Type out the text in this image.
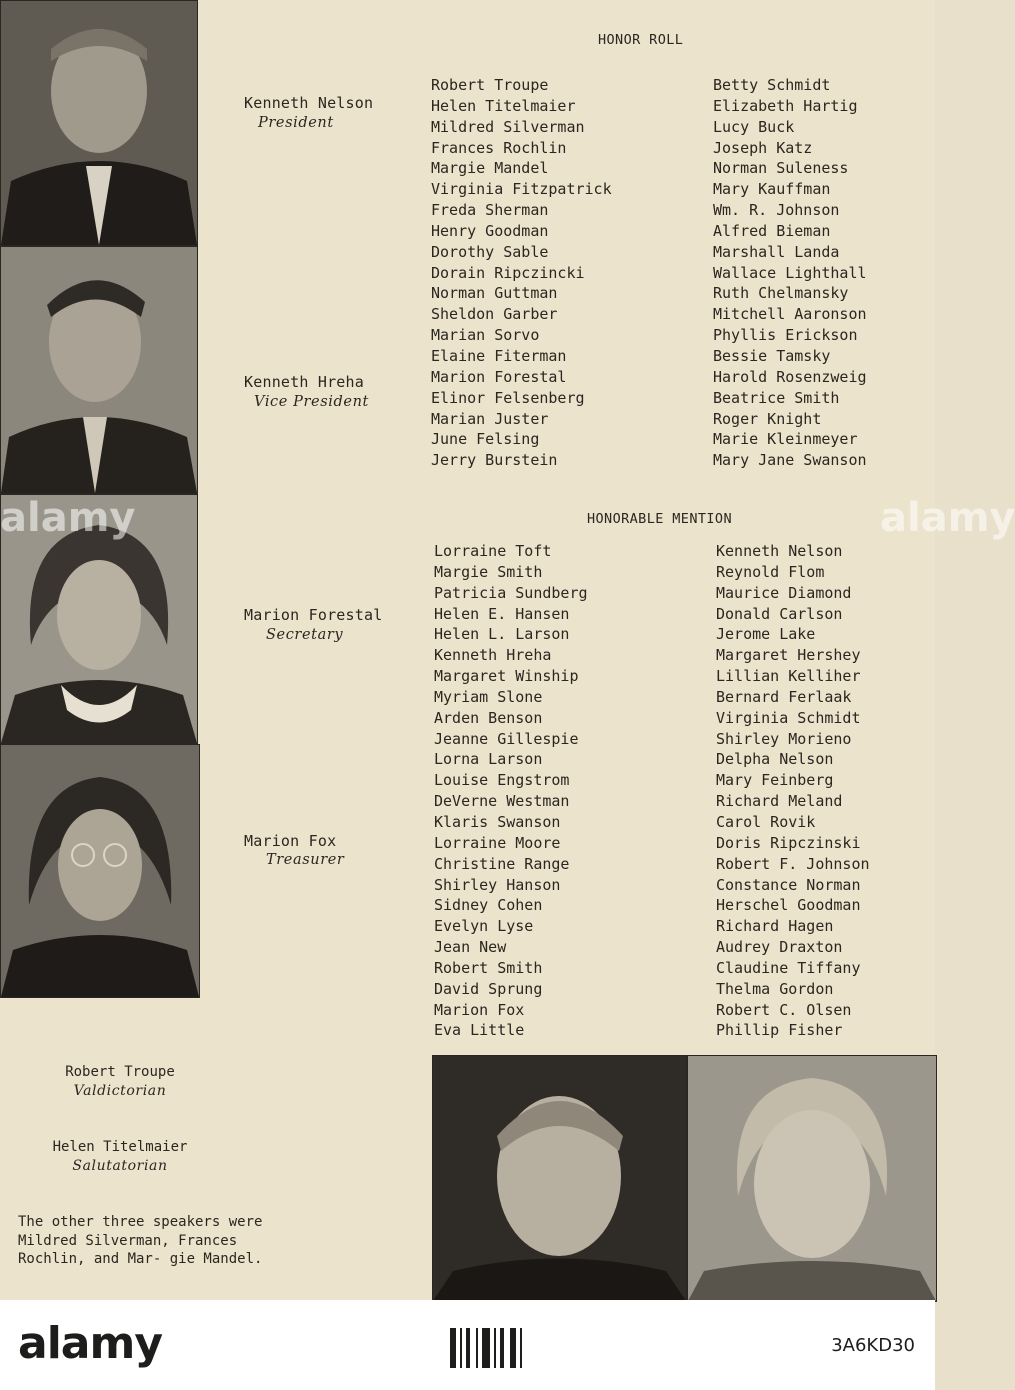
Kenneth Nelson
President
Kenneth Hreha
Vice President
Marion Forestal
Secretary
Marion Fox
Treasurer
HONOR ROLL
Robert Troupe
Helen Titelmaier
Mildred Silverman
Frances Rochlin
Margie Mandel
Virginia Fitzpatrick
Freda Sherman
Henry Goodman
Dorothy Sable
Dorain Ripczincki
Norman Guttman
Sheldon Garber
Marian Sorvo
Elaine Fiterman
Marion Forestal
Elinor Felsenberg
Marian Juster
June Felsing
Jerry Burstein
Betty Schmidt
Elizabeth Hartig
Lucy Buck
Joseph Katz
Norman Suleness
Mary Kauffman
Wm. R. Johnson
Alfred Bieman
Marshall Landa
Wallace Lighthall
Ruth Chelmansky
Mitchell Aaronson
Phyllis Erickson
Bessie Tamsky
Harold Rosenzweig
Beatrice Smith
Roger Knight
Marie Kleinmeyer
Mary Jane Swanson
HONORABLE MENTION
Lorraine Toft
Margie Smith
Patricia Sundberg
Helen E. Hansen
Helen L. Larson
Kenneth Hreha
Margaret Winship
Myriam Slone
Arden Benson
Jeanne Gillespie
Lorna Larson
Louise Engstrom
DeVerne Westman
Klaris Swanson
Lorraine Moore
Christine Range
Shirley Hanson
Sidney Cohen
Evelyn Lyse
Jean New
Robert Smith
David Sprung
Marion Fox
Eva Little
Kenneth Nelson
Reynold Flom
Maurice Diamond
Donald Carlson
Jerome Lake
Margaret Hershey
Lillian Kelliher
Bernard Ferlaak
Virginia Schmidt
Shirley Morieno
Delpha Nelson
Mary Feinberg
Richard Meland
Carol Rovik
Doris Ripczinski
Robert F. Johnson
Constance Norman
Herschel Goodman
Richard Hagen
Audrey Draxton
Claudine Tiffany
Thelma Gordon
Robert C. Olsen
Phillip Fisher
Robert Troupe
Valdictorian
Helen Titelmaier
Salutatorian
The other three speakers were Mildred Silverman, Frances Rochlin, and Mar- gie Mandel.
alamy	alamy
alamy	3A6KD30
